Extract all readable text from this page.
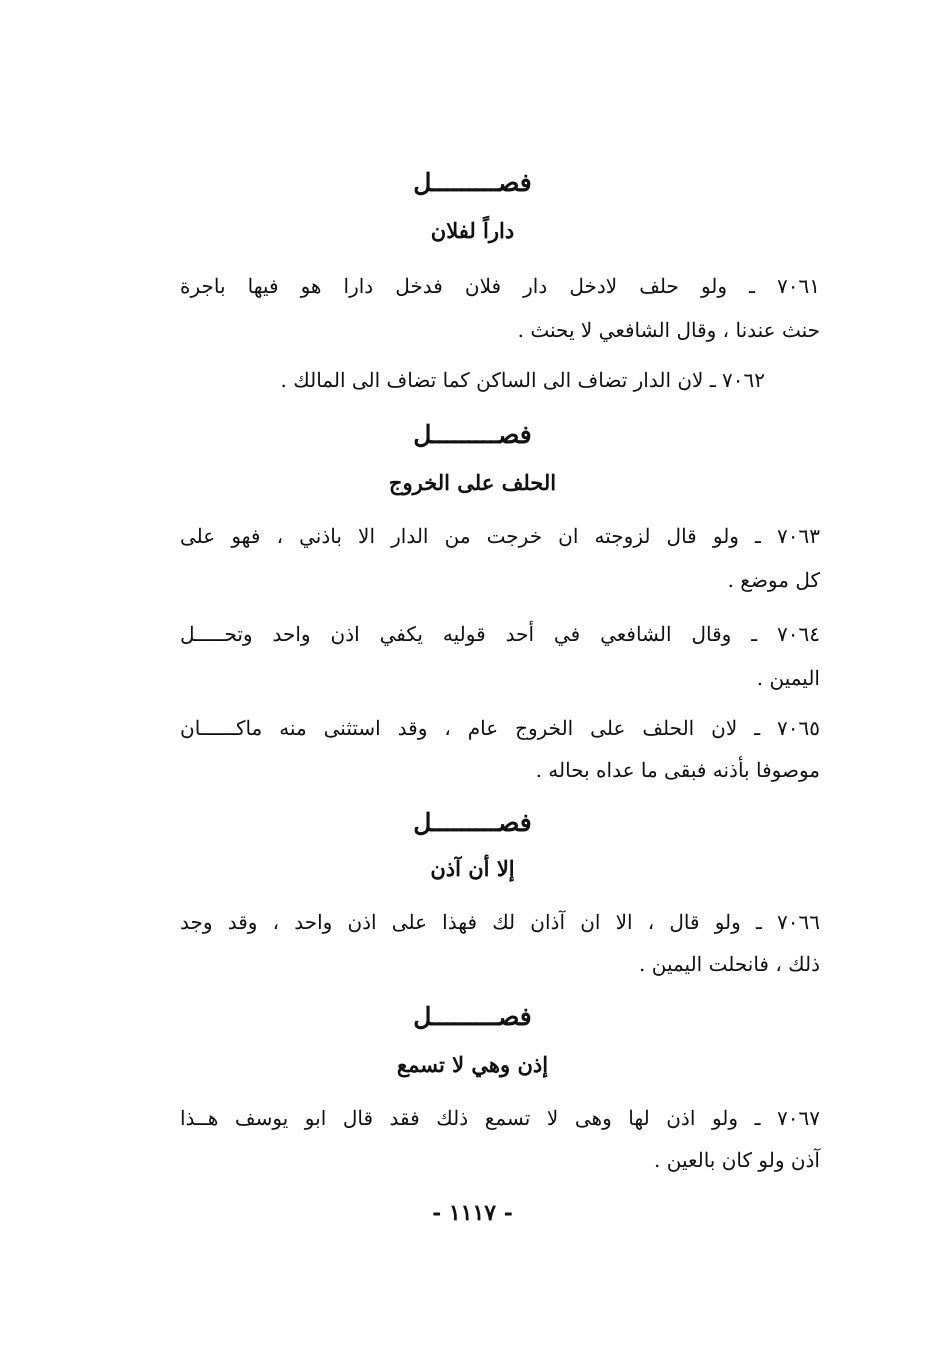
فصـــــــــل
داراً لفلان
٧٠٦١ ـ ولو حلف لادخل دار فلان فدخل دارا هو فيها باجرة
حنث عندنا ، وقال الشافعي لا يحنث .
٧٠٦٢ ـ لان الدار تضاف الى الساكن كما تضاف الى المالك .
فصـــــــــل
الحلف على الخروج
٧٠٦٣ ـ ولو قال لزوجته ان خرجت من الدار الا باذني ، فهو على
كل موضع .
٧٠٦٤ ـ وقال الشافعي في أحد قوليه يكفي اذن واحد وتحـــــل
اليمين .
٧٠٦٥ ـ لان الحلف على الخروج عام ، وقد استثنى منه ماكــــــان
موصوفا بأذنه فبقى ما عداه بحاله .
فصـــــــــل
إلا أن آذن
٧٠٦٦ ـ ولو قال ، الا ان آذان لك فهذا على اذن واحد ، وقد وجد
ذلك ، فانحلت اليمين .
فصـــــــــل
إذن وهي لا تسمع
٧٠٦٧ ـ ولو اذن لها وهى لا تسمع ذلك فقد قال ابو يوسف هــذا
آذن ولو كان بالعين .
- ١١١٧ -
